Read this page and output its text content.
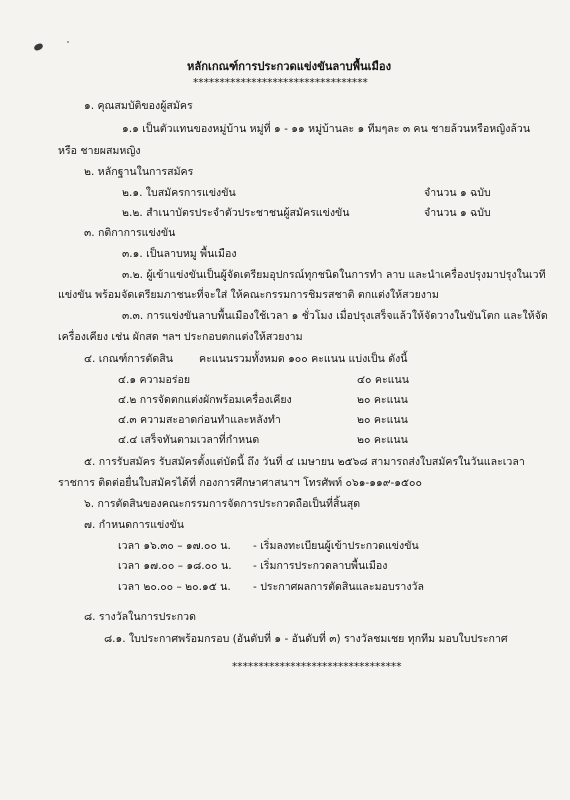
หลักเกณฑ์การประกวดแข่งขันลาบพื้นเมือง
*********************************
๑. คุณสมบัติของผู้สมัคร
๑.๑ เป็นตัวแทนของหมู่บ้าน หมู่ที่ ๑ - ๑๑ หมู่บ้านละ ๑ ทีมๆละ ๓ คน ชายล้วนหรือหญิงล้วน
หรือ ชายผสมหญิง
๒. หลักฐานในการสมัคร
๒.๑. ใบสมัครการแข่งขัน	จำนวน ๑ ฉบับ
๒.๒. สำเนาบัตรประจำตัวประชาชนผู้สมัครแข่งขัน	จำนวน ๑ ฉบับ
๓. กติกาการแข่งขัน
๓.๑. เป็นลาบหมู พื้นเมือง
๓.๒. ผู้เข้าแข่งขันเป็นผู้จัดเตรียมอุปกรณ์ทุกชนิดในการทำ ลาบ และนำเครื่องปรุงมาปรุงในเวที
แข่งขัน พร้อมจัดเตรียมภาชนะที่จะใส่ ให้คณะกรรมการชิมรสชาติ ตกแต่งให้สวยงาม
๓.๓. การแข่งขันลาบพื้นเมืองใช้เวลา ๑ ชั่วโมง เมื่อปรุงเสร็จแล้วให้จัดวางในขันโตก และให้จัด
เครื่องเคียง เช่น ผักสด ฯลฯ ประกอบตกแต่งให้สวยงาม
๔. เกณฑ์การตัดสิน คะแนนรวมทั้งหมด ๑๐๐ คะแนน แบ่งเป็น ดังนี้
๔.๑ ความอร่อย	๔๐ คะแนน
๔.๒ การจัดตกแต่งผักพร้อมเครื่องเคียง	๒๐ คะแนน
๔.๓ ความสะอาดก่อนทำและหลังทำ	๒๐ คะแนน
๔.๔ เสร็จทันตามเวลาที่กำหนด	๒๐ คะแนน
๕. การรับสมัคร รับสมัครตั้งแต่บัดนี้ ถึง วันที่ ๔ เมษายน ๒๕๖๘ สามารถส่งใบสมัครในวันและเวลา
ราชการ ติดต่อยื่นใบสมัครได้ที่ กองการศึกษาศาสนาฯ โทรศัพท์ ๐๖๑-๑๑๙-๑๕๐๐
๖. การตัดสินของคณะกรรมการจัดการประกวดถือเป็นที่สิ้นสุด
๗. กำหนดการแข่งขัน
เวลา ๑๖.๓๐ – ๑๗.๐๐ น. - เริ่มลงทะเบียนผู้เข้าประกวดแข่งขัน
เวลา ๑๗.๐๐ – ๑๘.๐๐ น. - เริ่มการประกวดลาบพื้นเมือง
เวลา ๒๐.๐๐ – ๒๐.๑๕ น. - ประกาศผลการตัดสินและมอบรางวัล
๘. รางวัลในการประกวด
๘.๑. ใบประกาศพร้อมกรอบ (อันดับที่ ๑ - อันดับที่ ๓) รางวัลชมเชย ทุกทีม มอบใบประกาศ
********************************
